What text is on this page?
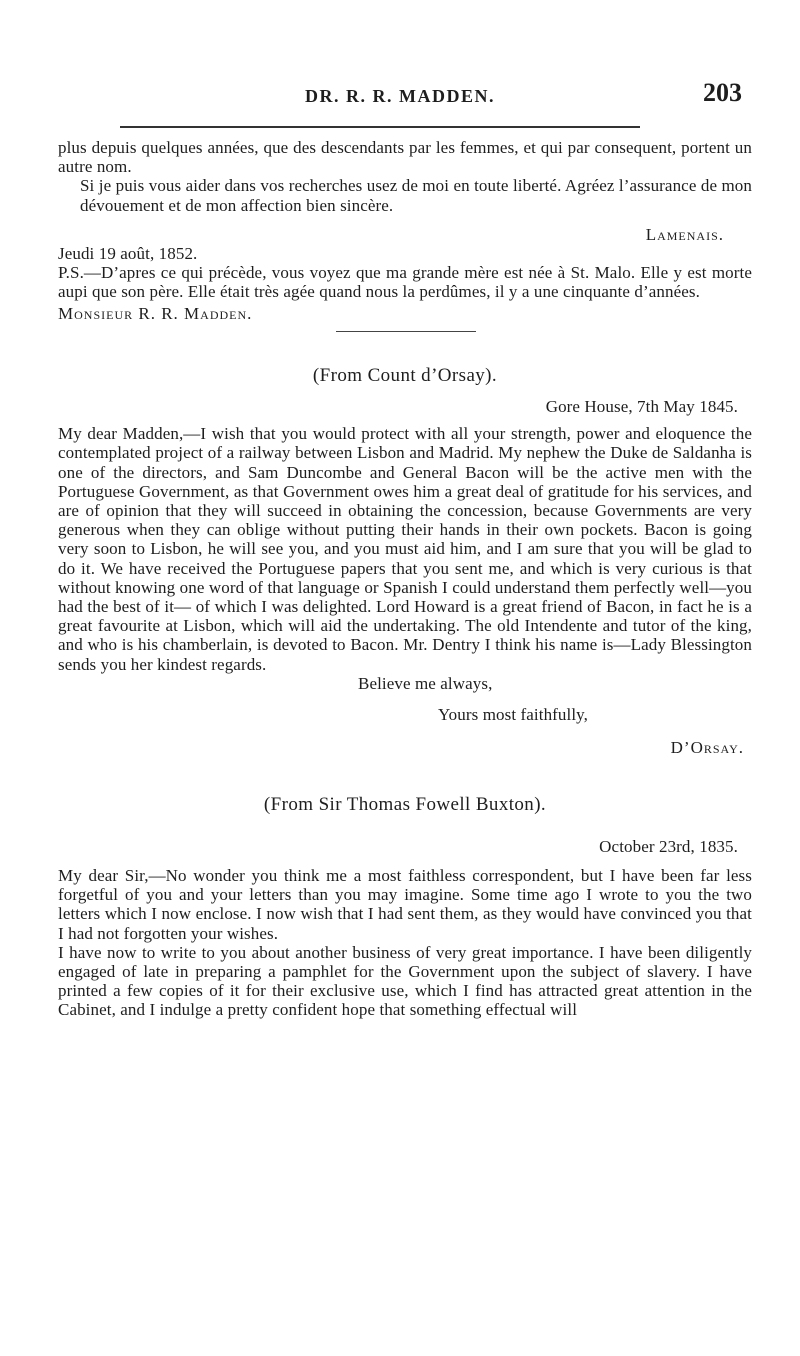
DR. R. R. MADDEN.	203

plus depuis quelques années, que des descendants par les femmes, et qui par consequent, portent un autre nom.

Si je puis vous aider dans vos recherches usez de moi en toute liberté. Agréez l’assurance de mon dévouement et de mon affection bien sincère.

Lamenais.

Jeudi 19 août, 1852.

P.S.—D’apres ce qui précède, vous voyez que ma grande mère est née à St. Malo. Elle y est morte aupi que son père. Elle était très agée quand nous la perdûmes, il y a une cinquante d’années.

Monsieur R. R. Madden.

(From Count d’Orsay).

Gore House, 7th May 1845.

My dear Madden,—I wish that you would protect with all your strength, power and eloquence the contemplated project of a railway between Lisbon and Madrid. My nephew the Duke de Saldanha is one of the directors, and Sam Duncombe and General Bacon will be the active men with the Portuguese Government, as that Government owes him a great deal of gratitude for his services, and are of opinion that they will succeed in obtaining the concession, because Governments are very generous when they can oblige without putting their hands in their own pockets. Bacon is going very soon to Lisbon, he will see you, and you must aid him, and I am sure that you will be glad to do it. We have received the Portuguese papers that you sent me, and which is very curious is that without knowing one word of that language or Spanish I could understand them perfectly well—you had the best of it— of which I was delighted. Lord Howard is a great friend of Bacon, in fact he is a great favourite at Lisbon, which will aid the undertaking. The old Intendente and tutor of the king, and who is his chamberlain, is devoted to Bacon. Mr. Dentry I think his name is—Lady Blessington sends you her kindest regards.

Believe me always,

Yours most faithfully,

D’Orsay.

(From Sir Thomas Fowell Buxton).

October 23rd, 1835.

My dear Sir,—No wonder you think me a most faithless correspondent, but I have been far less forgetful of you and your letters than you may imagine. Some time ago I wrote to you the two letters which I now enclose. I now wish that I had sent them, as they would have convinced you that I had not forgotten your wishes.

I have now to write to you about another business of very great importance. I have been diligently engaged of late in preparing a pamphlet for the Government upon the subject of slavery. I have printed a few copies of it for their exclusive use, which I find has attracted great attention in the Cabinet, and I indulge a pretty confident hope that something effectual will
